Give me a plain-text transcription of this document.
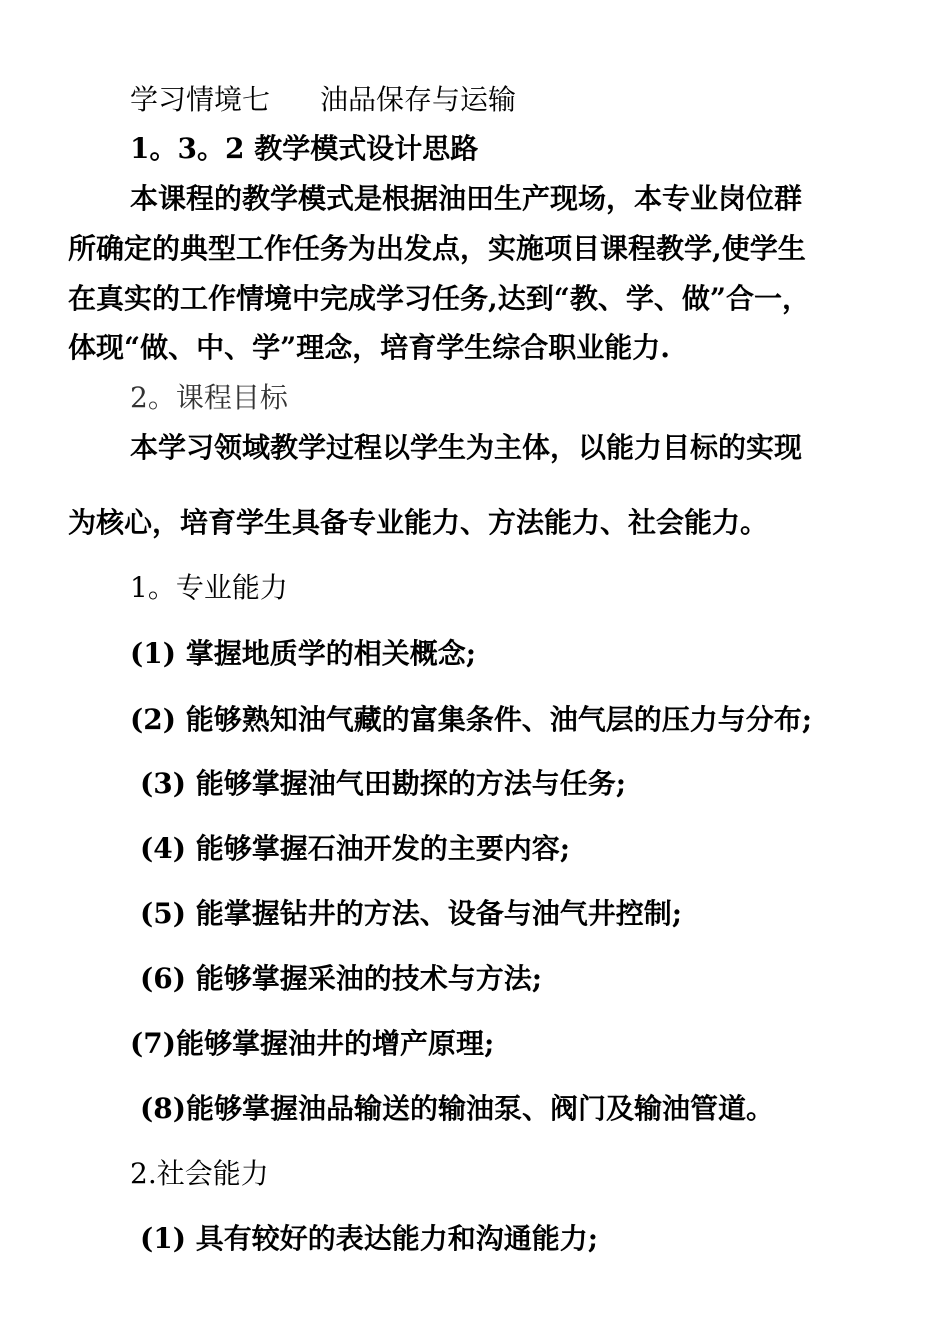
学习情境七 油品保存与运输
1。3。2 教学模式设计思路
本课程的教学模式是根据油田生产现场，本专业岗位群
所确定的典型工作任务为出发点，实施项目课程教学,使学生
在真实的工作情境中完成学习任务,达到“教、学、做”合一，
体现“做、中、学”理念，培育学生综合职业能力.
2。课程目标
本学习领域教学过程以学生为主体，以能力目标的实现
为核心，培育学生具备专业能力、方法能力、社会能力。
1。专业能力
(1) 掌握地质学的相关概念;
(2) 能够熟知油气藏的富集条件、油气层的压力与分布;
(3) 能够掌握油气田勘探的方法与任务;
(4) 能够掌握石油开发的主要内容;
(5) 能掌握钻井的方法、设备与油气井控制;
(6) 能够掌握采油的技术与方法;
(7)能够掌握油井的增产原理;
(8)能够掌握油品输送的输油泵、阀门及输油管道。
2.社会能力
(1) 具有较好的表达能力和沟通能力;
